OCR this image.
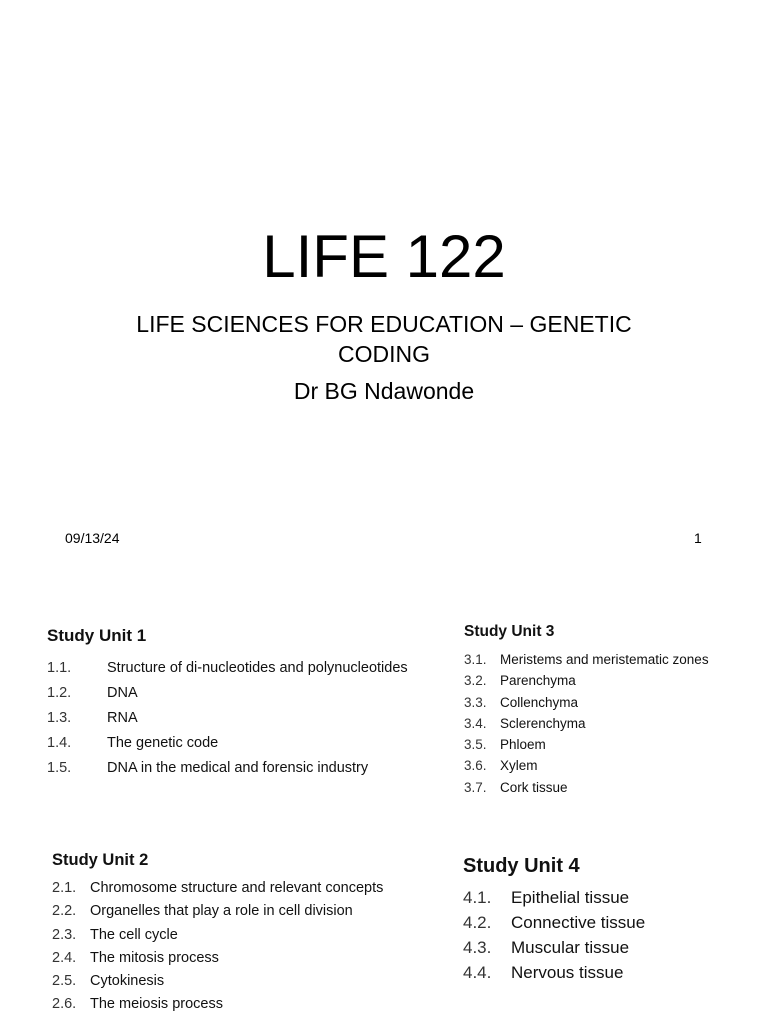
LIFE 122
LIFE SCIENCES FOR EDUCATION – GENETIC CODING
Dr BG Ndawonde
09/13/24	1
Study Unit 1
1.1.	Structure of di-nucleotides and polynucleotides
1.2.	DNA
1.3.	RNA
1.4.	The genetic code
1.5.	DNA in the medical and forensic industry
Study Unit 3
3.1. Meristems and meristematic zones
3.2. Parenchyma
3.3. Collenchyma
3.4. Sclerenchyma
3.5. Phloem
3.6. Xylem
3.7. Cork tissue
Study Unit 2
2.1. Chromosome structure and relevant concepts
2.2. Organelles that play a role in cell division
2.3. The cell cycle
2.4. The mitosis process
2.5. Cytokinesis
2.6. The meiosis process
Study Unit 4
4.1.	Epithelial tissue
4.2.	Connective tissue
4.3.	Muscular tissue
4.4.	Nervous tissue
